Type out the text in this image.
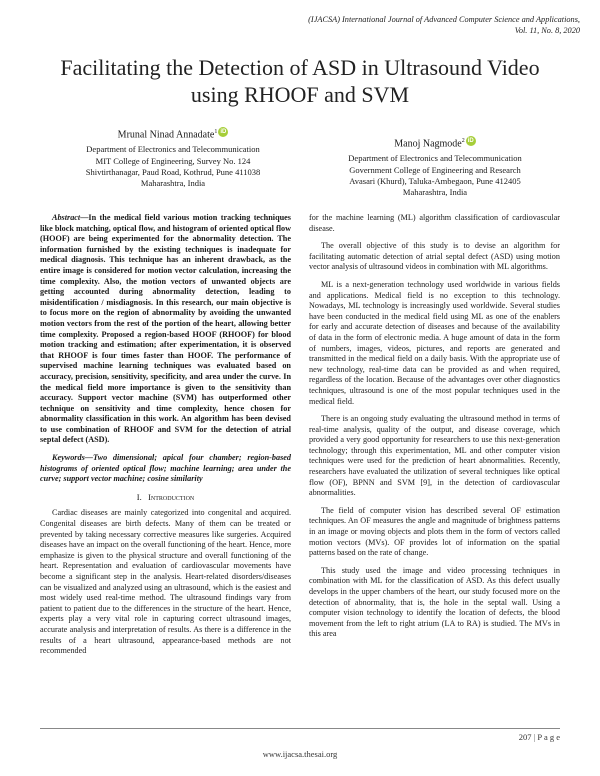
(IJACSA) International Journal of Advanced Computer Science and Applications,
Vol. 11, No. 8, 2020
Facilitating the Detection of ASD in Ultrasound Video using RHOOF and SVM
Mrunal Ninad Annadate$^1$ iD
Department of Electronics and Telecommunication
MIT College of Engineering, Survey No. 124
Shivtirthanagar, Paud Road, Kothrud, Pune 411038
Maharashtra, India
Manoj Nagmode$^2$ iD
Department of Electronics and Telecommunication
Government College of Engineering and Research
Avasari (Khurd), Taluka-Ambegaon, Pune 412405
Maharashtra, India

Abstract—In the medical field various motion tracking techniques like block matching, optical flow, and histogram of oriented optical flow (HOOF) are being experimented for the abnormality detection. The information furnished by the existing techniques is inadequate for medical diagnosis. This technique has an inherent drawback, as the entire image is considered for motion vector calculation, increasing the time complexity. Also, the motion vectors of unwanted objects are getting accounted during abnormality detection, leading to misidentification / misdiagnosis. In this research, our main objective is to focus more on the region of abnormality by avoiding the unwanted motion vectors from the rest of the portion of the heart, allowing better time complexity. Proposed a region-based HOOF (RHOOF) for blood motion tracking and estimation; after experimentation, it is observed that RHOOF is four times faster than HOOF. The performance of supervised machine learning techniques was evaluated based on accuracy, precision, sensitivity, specificity, and area under the curve. In the medical field more importance is given to the sensitivity than accuracy. Support vector machine (SVM) has outperformed other technique on sensitivity and time complexity, hence chosen for abnormality classification in this work. An algorithm has been devised to use combination of RHOOF and SVM for the detection of atrial septal defect (ASD).

Keywords—Two dimensional; apical four chamber; region-based histograms of oriented optical flow; machine learning; area under the curve; support vector machine; cosine similarity

I. Introduction

Cardiac diseases are mainly categorized into congenital and acquired. Congenital diseases are birth defects. Many of them can be treated or prevented by taking necessary corrective measures like surgeries. Acquired diseases have an impact on the overall functioning of the heart. Hence, more emphasize is given to the physical structure and overall functioning of the heart. Representation and evaluation of cardiovascular movements have become a significant step in the analysis. Heart-related disorders/diseases can be visualized and analyzed using an ultrasound, which is the easiest and most widely used real-time method. The ultrasound findings vary from patient to patient due to the differences in the structure of the heart. Hence, experts play a very vital role in capturing correct ultrasound images, accurate analysis and interpretation of results. As there is a difference in the results of a heart ultrasound, appearance-based methods are not recommended

for the machine learning (ML) algorithm classification of cardiovascular disease.

The overall objective of this study is to devise an algorithm for facilitating automatic detection of atrial septal defect (ASD) using motion vector analysis of ultrasound videos in combination with ML algorithms.

ML is a next-generation technology used worldwide in various fields and applications. Medical field is no exception to this technology. Nowadays, ML technology is increasingly used worldwide. Several studies have been conducted in the medical field using ML as one of the enablers for early and accurate detection of diseases and because of the availability of data in the form of electronic media. A huge amount of data in the form of numbers, images, videos, pictures, and reports are generated and transmitted in the medical field on a daily basis. With the appropriate use of new technology, real-time data can be provided as and when required, regardless of the location. Because of the advantages over other diagnostics techniques, ultrasound is one of the most popular techniques used in the medical field.

There is an ongoing study evaluating the ultrasound method in terms of real-time analysis, quality of the output, and disease coverage, which provided a very good opportunity for researchers to use this next-generation technology; through this experimentation, ML and other computer vision techniques were used for the prediction of heart abnormalities. Recently, researchers have evaluated the utilization of several techniques like optical flow (OF), BPNN and SVM [9], in the detection of cardiovascular abnormalities.

The field of computer vision has described several OF estimation techniques. An OF measures the angle and magnitude of brightness patterns in an image or moving objects and plots them in the form of vectors called motion vectors (MVs). OF provides lot of information on the spatial patterns based on the rate of change.

This study used the image and video processing techniques in combination with ML for the classification of ASD. As this defect usually develops in the upper chambers of the heart, our study focused more on the detection of abnormality, that is, the hole in the septal wall. Using a computer vision technology to identify the location of defects, the blood movement from the left to right atrium (LA to RA) is studied. The MVs in this area

207 | P a g e
www.ijacsa.thesai.org
